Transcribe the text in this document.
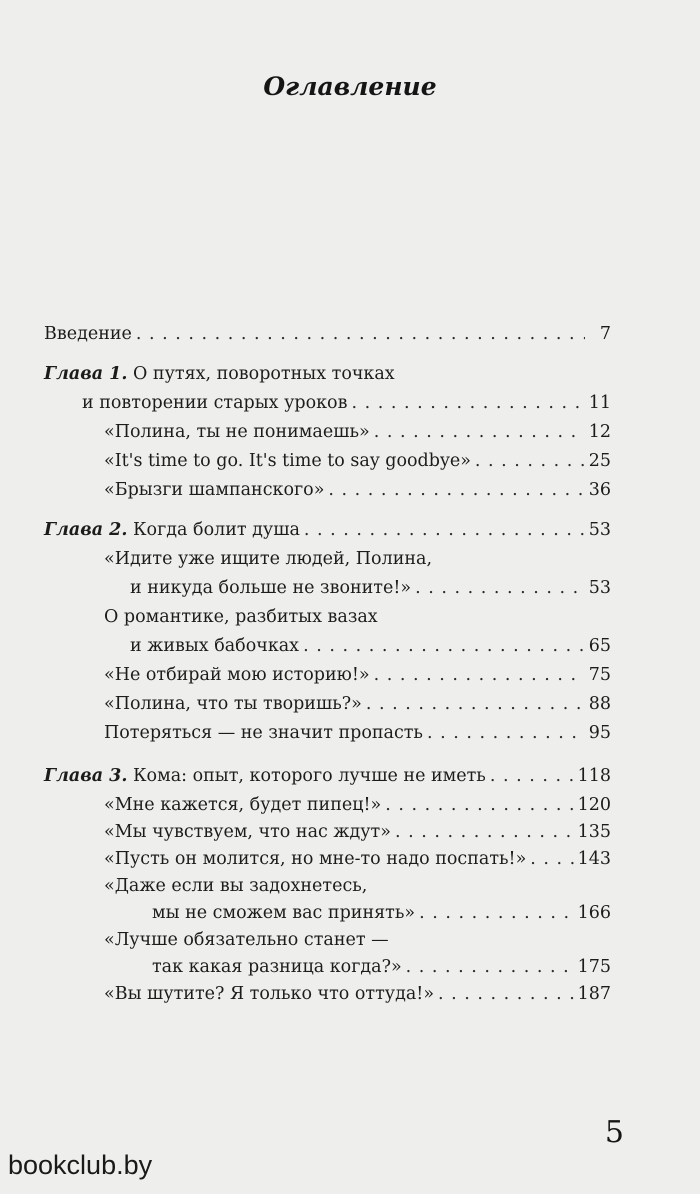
Оглавление
Введение . . .	7
Глава 1. О путях, поворотных точках
и повторении старых уроков . . .	11
«Полина, ты не понимаешь» . . .	12
«It's time to go. It's time to say goodbye» . . .	25
«Брызги шампанского» . . .	36
Глава 2. Когда болит душа . . .	53
«Идите уже ищите людей, Полина,
и никуда больше не звоните!» . . .	53
О романтике, разбитых вазах
и живых бабочках . . .	65
«Не отбирай мою историю!» . . .	75
«Полина, что ты творишь?» . . .	88
Потеряться — не значит пропасть . . .	95
Глава 3. Кома: опыт, которого лучше не иметь . . .	118
«Мне кажется, будет пипец!» . . .	120
«Мы чувствуем, что нас ждут» . . .	135
«Пусть он молится, но мне-то надо поспать!» . . .	143
«Даже если вы задохнетесь,
мы не сможем вас принять» . . .	166
«Лучше обязательно станет —
так какая разница когда?» . . .	175
«Вы шутите? Я только что оттуда!» . . .	187
5
bookclub.by
